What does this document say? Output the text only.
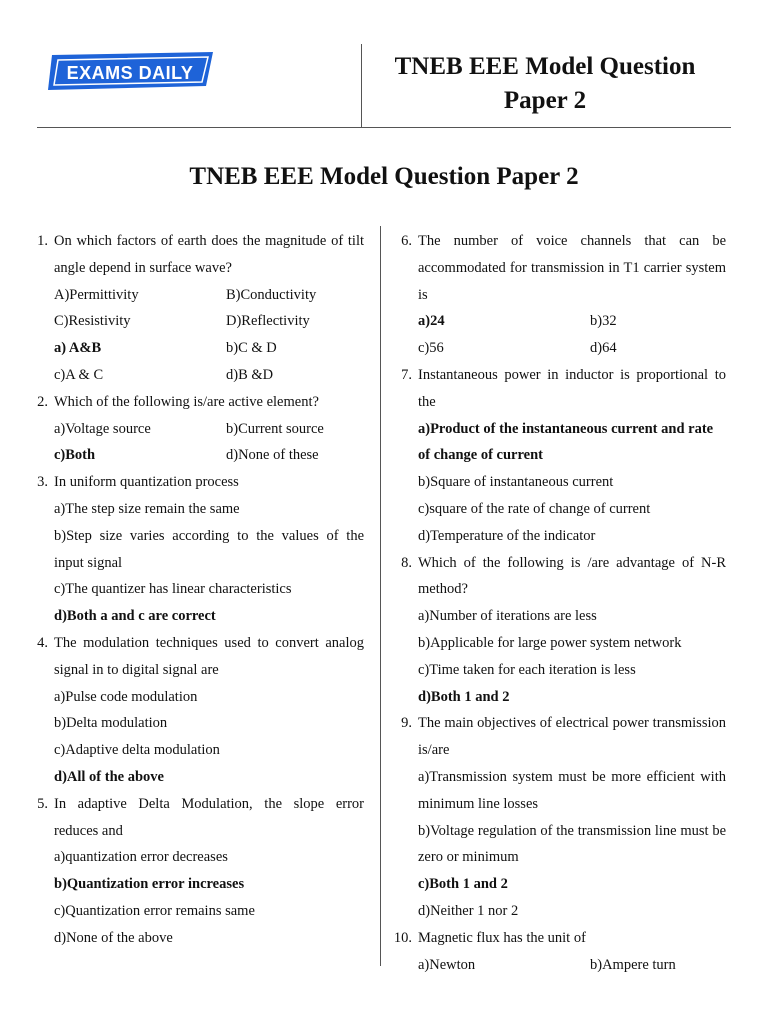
EXAMS DAILY	TNEB EEE Model Question
Paper 2
TNEB EEE Model Question Paper 2
1. On which factors of earth does the magnitude of tilt angle depend in surface wave?

A)Permittivity	B)Conductivity
C)Resistivity	D)Reflectivity
a) A&B	b)C & D
c)A & C	d)B &D
2. Which of the following is/are active element?

a)Voltage source	b)Current source
c)Both	d)None of these
3. In uniform quantization process

a)The step size remain the same
b)Step size varies according to the values of the input signal
c)The quantizer has linear characteristics
d)Both a and c are correct
4. The modulation techniques used to convert analog signal in to digital signal are

a)Pulse code modulation
b)Delta modulation
c)Adaptive delta modulation
d)All of the above
5. In adaptive Delta Modulation, the slope error reduces and

a)quantization error decreases
b)Quantization error increases
c)Quantization error remains same
d)None of the above
6. The number of voice channels that can be accommodated for transmission in T1 carrier system is

a)24	b)32
c)56	d)64
7. Instantaneous power in inductor is proportional to the

a)Product of the instantaneous current and rate of change of current
b)Square of instantaneous current
c)square of the rate of change of current
d)Temperature of the indicator
8. Which of the following is /are advantage of N-R method?

a)Number of iterations are less
b)Applicable for large power system network
c)Time taken for each iteration is less
d)Both 1 and 2
9. The main objectives of electrical power transmission is/are

a)Transmission system must be more efficient with minimum line losses
b)Voltage regulation of the transmission line must be zero or minimum
c)Both 1 and 2
d)Neither 1 nor 2
10. Magnetic flux has the unit of

a)Newton	b)Ampere turn
